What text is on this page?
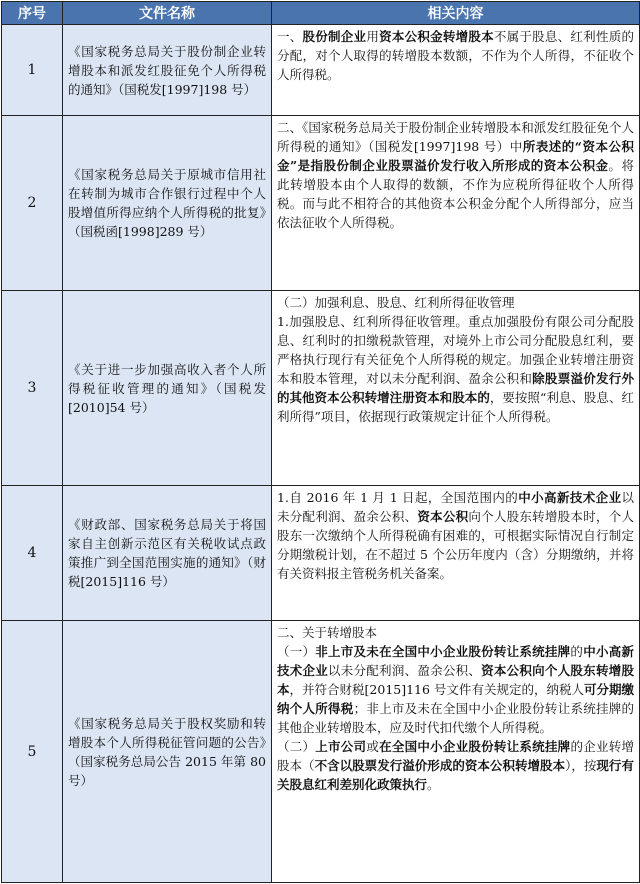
序号	文件名称	相关内容
1	《国家税务总局关于股份制企业转增股本和派发红股征免个人所得税的通知》（国税发[1997]198 号）	一、股份制企业用资本公积金转增股本不属于股息、红利性质的分配，对个人取得的转增股本数额，不作为个人所得，不征收个人所得税。

2	《国家税务总局关于原城市信用社在转制为城市合作银行过程中个人股增值所得应纳个人所得税的批复》（国税函[1998]289 号）	二、《国家税务总局关于股份制企业转增股本和派发红股征免个人所得税的通知》（国税发[1997]198 号）中所表述的“资本公积金”是指股份制企业股票溢价发行收入所形成的资本公积金。将此转增股本由个人取得的数额，不作为应税所得征收个人所得税。而与此不相符合的其他资本公积金分配个人所得部分，应当依法征收个人所得税。

3	《关于进一步加强高收入者个人所得税征收管理的通知》（国税发[2010]54 号）	（二）加强利息、股息、红利所得征收管理
1.加强股息、红利所得征收管理。重点加强股份有限公司分配股息、红利时的扣缴税款管理，对境外上市公司分配股息红利，要严格执行现行有关征免个人所得税的规定。加强企业转增注册资本和股本管理，对以未分配利润、盈余公积和除股票溢价发行外的其他资本公积转增注册资本和股本的，要按照“利息、股息、红利所得”项目，依据现行政策规定计征个人所得税。

4	《财政部、国家税务总局关于将国家自主创新示范区有关税收试点政策推广到全国范围实施的通知》（财税[2015]116 号）	1.自 2016 年 1 月 1 日起，全国范围内的中小高新技术企业以未分配利润、盈余公积、资本公积向个人股东转增股本时，个人股东一次缴纳个人所得税确有困难的，可根据实际情况自行制定分期缴税计划，在不超过 5 个公历年度内（含）分期缴纳，并将有关资料报主管税务机关备案。

5	《国家税务总局关于股权奖励和转增股本个人所得税征管问题的公告》（国家税务总局公告 2015 年第 80 号）	二、关于转增股本
（一）非上市及未在全国中小企业股份转让系统挂牌的中小高新技术企业以未分配利润、盈余公积、资本公积向个人股东转增股本，并符合财税[2015]116 号文件有关规定的，纳税人可分期缴纳个人所得税；非上市及未在全国中小企业股份转让系统挂牌的其他企业转增股本，应及时代扣代缴个人所得税。
（二）上市公司或在全国中小企业股份转让系统挂牌的企业转增股本（不含以股票发行溢价形成的资本公积转增股本），按现行有关股息红利差别化政策执行。
